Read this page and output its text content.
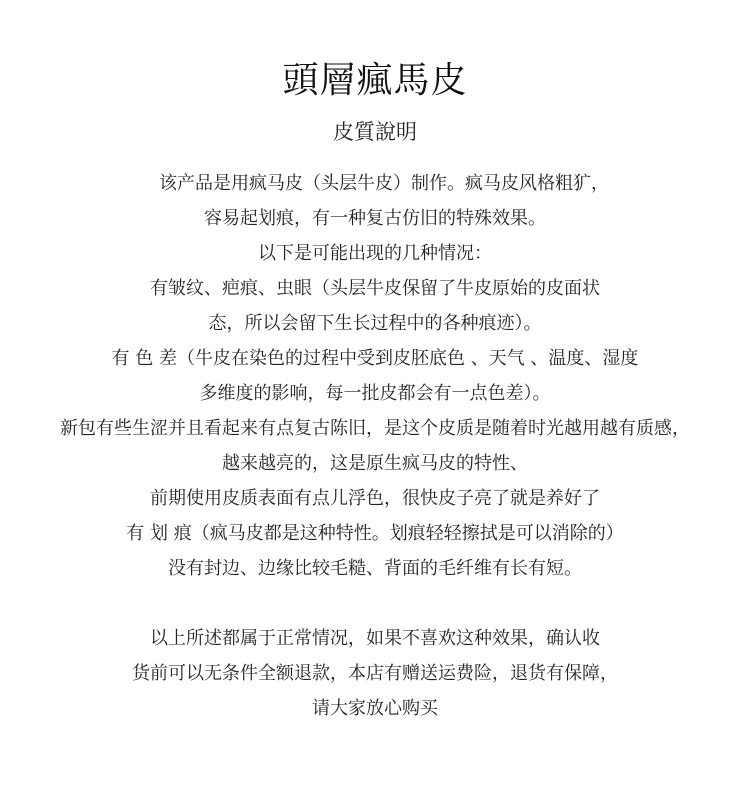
頭層瘋馬皮
皮質說明
该产品是用疯马皮（头层牛皮）制作。疯马皮风格粗犷，
容易起划痕，有一种复古仿旧的特殊效果。
以下是可能出现的几种情况：
有皱纹、疤痕、虫眼（头层牛皮保留了牛皮原始的皮面状
态，所以会留下生长过程中的各种痕迹）。
有 色 差（牛皮在染色的过程中受到皮胚底色 、天气 、温度、湿度
多维度的影响，每一批皮都会有一点色差）。
新包有些生涩并且看起来有点复古陈旧，是这个皮质是随着时光越用越有质感，
越来越亮的，这是原生疯马皮的特性、
前期使用皮质表面有点儿浮色，很快皮子亮了就是养好了
有 划 痕（疯马皮都是这种特性。划痕轻轻擦拭是可以消除的）
没有封边、边缘比较毛糙、背面的毛纤维有长有短。
以上所述都属于正常情况，如果不喜欢这种效果，确认收
货前可以无条件全额退款，本店有赠送运费险，退货有保障，
请大家放心购买
